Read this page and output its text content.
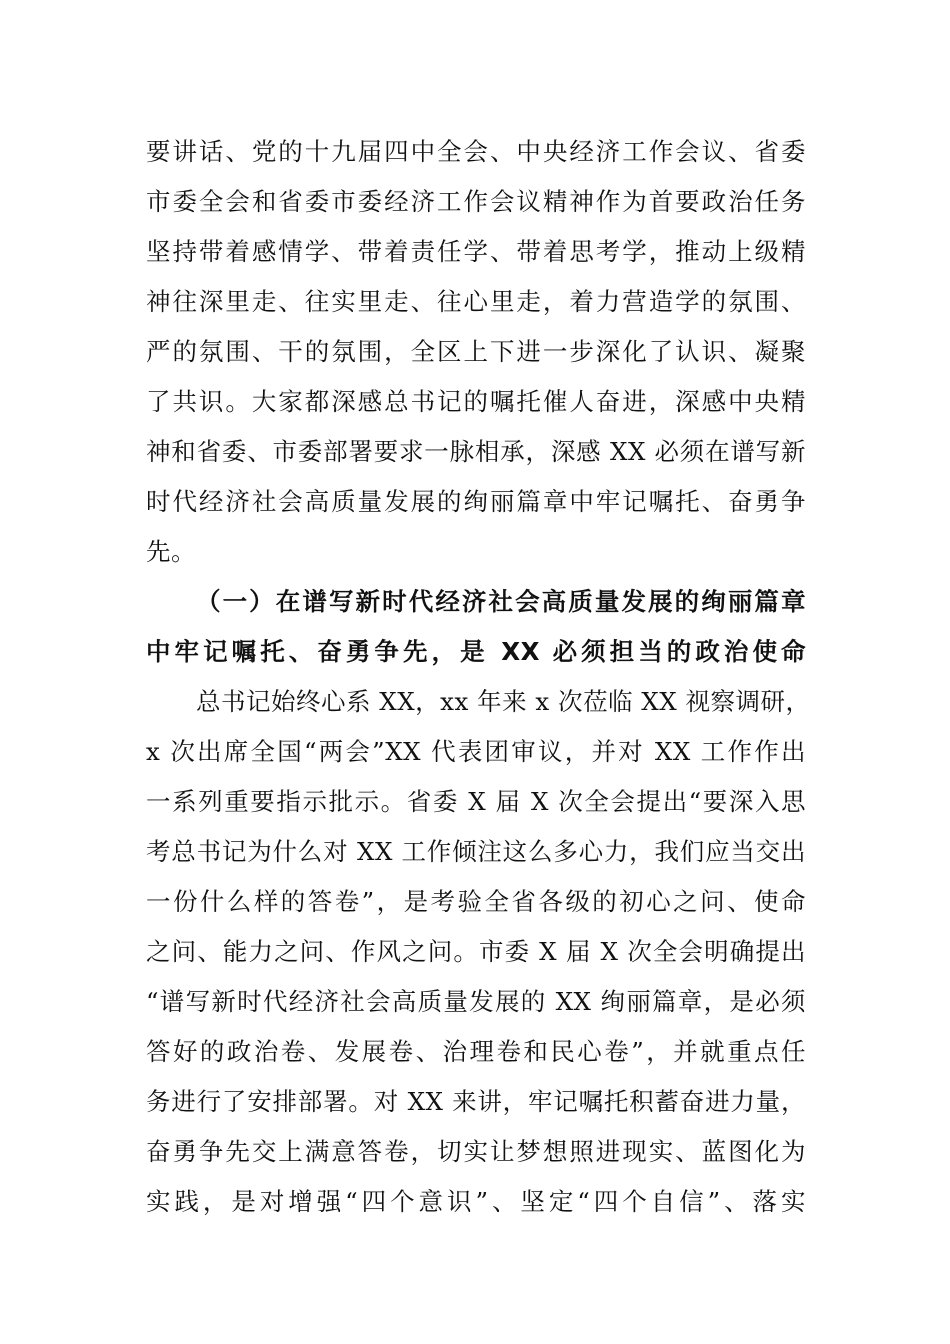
要讲话、党的十九届四中全会、中央经济工作会议、省委
市委全会和省委市委经济工作会议精神作为首要政治任务
坚持带着感情学、带着责任学、带着思考学，推动上级精
神往深里走、往实里走、往心里走，着力营造学的氛围、
严的氛围、干的氛围，全区上下进一步深化了认识、凝聚
了共识。大家都深感总书记的嘱托催人奋进，深感中央精
神和省委、市委部署要求一脉相承，深感 XX 必须在谱写新
时代经济社会高质量发展的绚丽篇章中牢记嘱托、奋勇争
先。
（一）在谱写新时代经济社会高质量发展的绚丽篇章
中牢记嘱托、奋勇争先，是 XX 必须担当的政治使命
总书记始终心系 XX，xx 年来 x 次莅临 XX 视察调研，
x 次出席全国“两会”XX 代表团审议，并对 XX 工作作出
一系列重要指示批示。省委 X 届 X 次全会提出“要深入思
考总书记为什么对 XX 工作倾注这么多心力，我们应当交出
一份什么样的答卷”，是考验全省各级的初心之问、使命
之问、能力之问、作风之问。市委 X 届 X 次全会明确提出
“谱写新时代经济社会高质量发展的 XX 绚丽篇章，是必须
答好的政治卷、发展卷、治理卷和民心卷”，并就重点任
务进行了安排部署。对 XX 来讲，牢记嘱托积蓄奋进力量，
奋勇争先交上满意答卷，切实让梦想照进现实、蓝图化为
实践，是对增强“四个意识”、坚定“四个自信”、落实
